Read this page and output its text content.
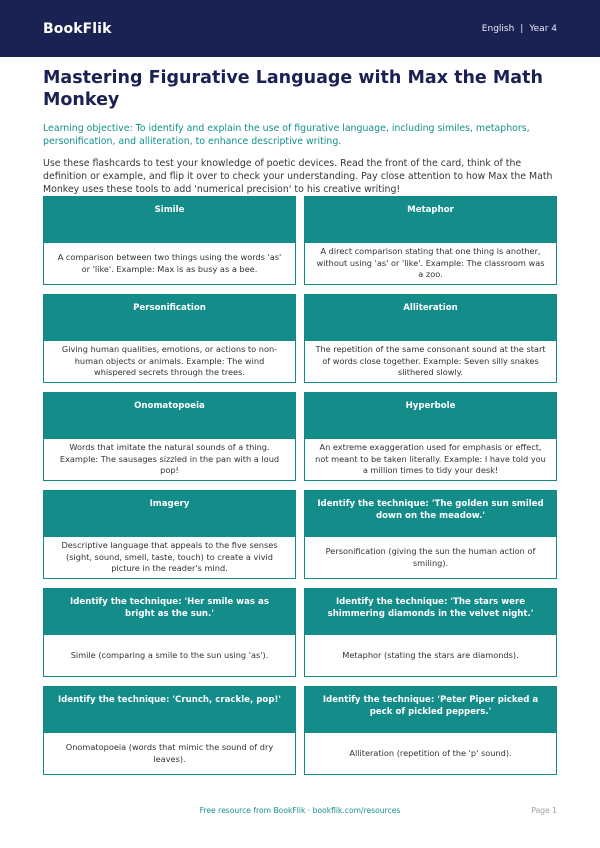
BookFlik	English | Year 4
Mastering Figurative Language with Max the Math Monkey

Learning objective: To identify and explain the use of figurative language, including similes, metaphors, personification, and alliteration, to enhance descriptive writing.

Use these flashcards to test your knowledge of poetic devices. Read the front of the card, think of the definition or example, and flip it over to check your understanding. Pay close attention to how Max the Math Monkey uses these tools to add 'numerical precision' to his creative writing!

Simile
A comparison between two things using the words 'as' or 'like'. Example: Max is as busy as a bee.
Metaphor
A direct comparison stating that one thing is another, without using 'as' or 'like'. Example: The classroom was a zoo.
Personification
Giving human qualities, emotions, or actions to non-human objects or animals. Example: The wind whispered secrets through the trees.
Alliteration
The repetition of the same consonant sound at the start of words close together. Example: Seven silly snakes slithered slowly.
Onomatopoeia
Words that imitate the natural sounds of a thing. Example: The sausages sizzled in the pan with a loud pop!
Hyperbole
An extreme exaggeration used for emphasis or effect, not meant to be taken literally. Example: I have told you a million times to tidy your desk!
Imagery
Descriptive language that appeals to the five senses (sight, sound, smell, taste, touch) to create a vivid picture in the reader's mind.
Identify the technique: 'The golden sun smiled down on the meadow.'
Personification (giving the sun the human action of smiling).
Identify the technique: 'Her smile was as bright as the sun.'
Simile (comparing a smile to the sun using 'as').
Identify the technique: 'The stars were shimmering diamonds in the velvet night.'
Metaphor (stating the stars are diamonds).
Identify the technique: 'Crunch, crackle, pop!'
Onomatopoeia (words that mimic the sound of dry leaves).
Identify the technique: 'Peter Piper picked a peck of pickled peppers.'
Alliteration (repetition of the 'p' sound).
Free resource from BookFlik · bookflik.com/resources	Page 1
